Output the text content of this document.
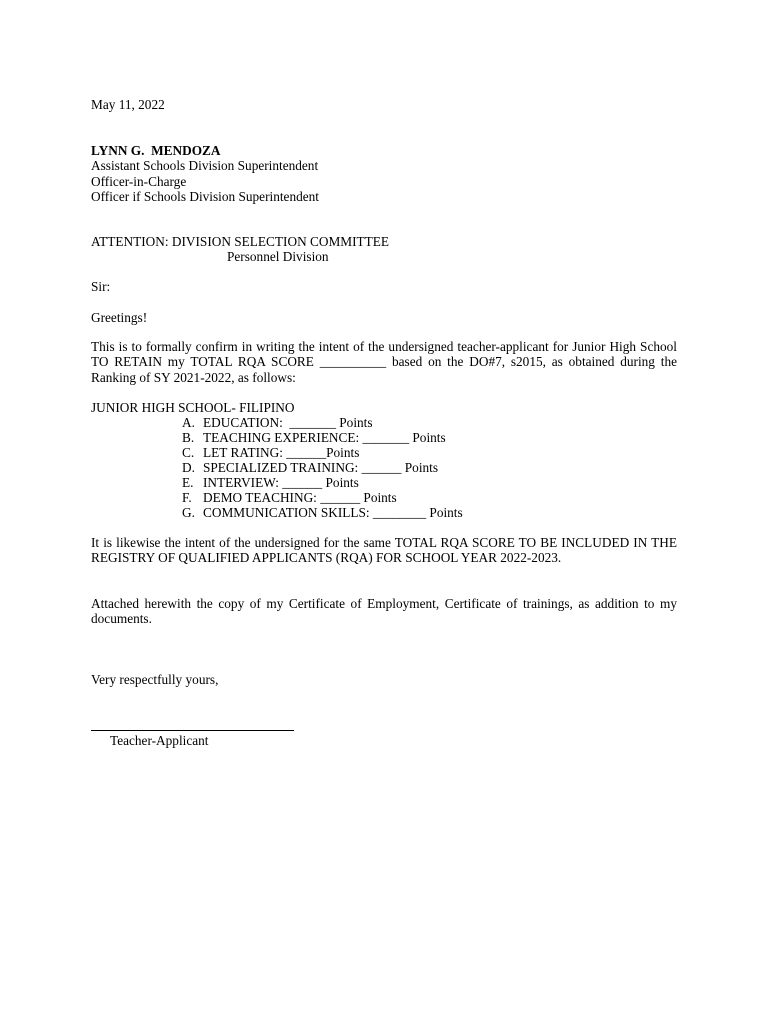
May 11, 2022
LYNN G.  MENDOZA
Assistant Schools Division Superintendent
Officer-in-Charge
Officer if Schools Division Superintendent
ATTENTION: DIVISION SELECTION COMMITTEE
Personnel Division
Sir:
Greetings!
This is to formally confirm in writing the intent of the undersigned teacher-applicant for Junior High School TO RETAIN my TOTAL RQA SCORE __________ based on the DO#7, s2015, as obtained during the Ranking of SY 2021-2022, as follows:
JUNIOR HIGH SCHOOL- FILIPINO
A. EDUCATION:  _______ Points
B. TEACHING EXPERIENCE: _______ Points
C. LET RATING: ______Points
D. SPECIALIZED TRAINING: ______ Points
E. INTERVIEW: ______ Points
F. DEMO TEACHING: ______ Points
G. COMMUNICATION SKILLS: ________ Points
It is likewise the intent of the undersigned for the same TOTAL RQA SCORE TO BE INCLUDED IN THE REGISTRY OF QUALIFIED APPLICANTS (RQA) FOR SCHOOL YEAR 2022-2023.
Attached herewith the copy of my Certificate of Employment, Certificate of trainings, as addition to my documents.
Very respectfully yours,
Teacher-Applicant
